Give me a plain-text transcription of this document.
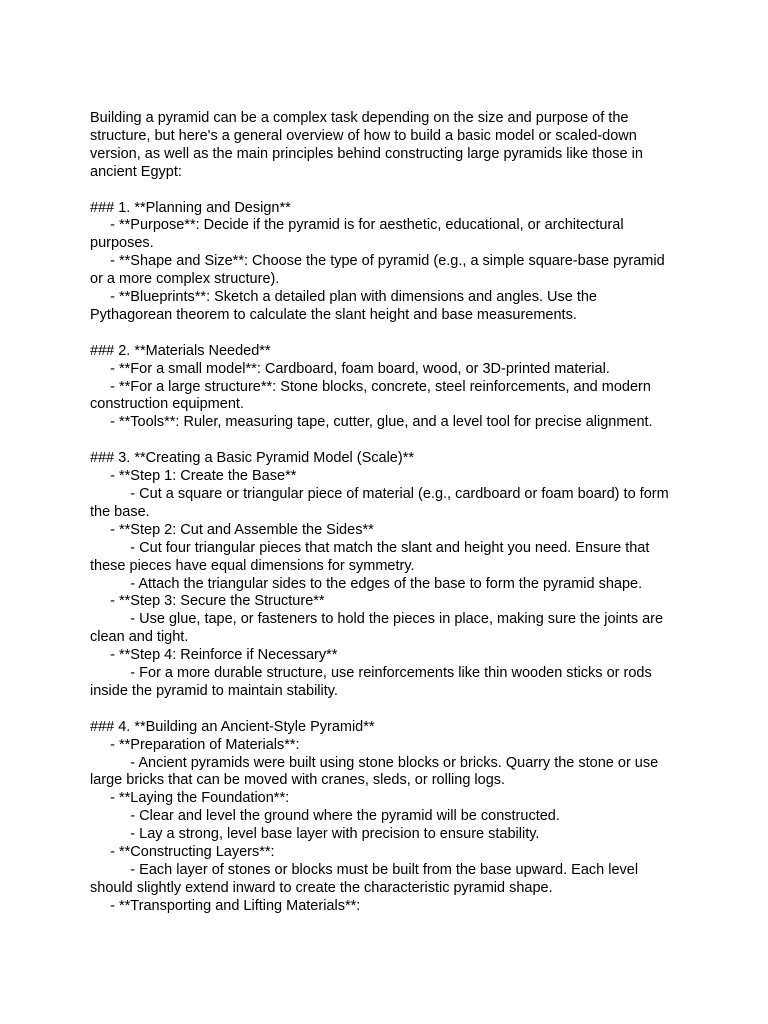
Building a pyramid can be a complex task depending on the size and purpose of the structure, but here's a general overview of how to build a basic model or scaled-down version, as well as the main principles behind constructing large pyramids like those in ancient Egypt:

### 1. **Planning and Design**

- **Purpose**: Decide if the pyramid is for aesthetic, educational, or architectural purposes.

- **Shape and Size**: Choose the type of pyramid (e.g., a simple square-base pyramid or a more complex structure).

- **Blueprints**: Sketch a detailed plan with dimensions and angles. Use the Pythagorean theorem to calculate the slant height and base measurements.

### 2. **Materials Needed**

- **For a small model**: Cardboard, foam board, wood, or 3D-printed material.

- **For a large structure**: Stone blocks, concrete, steel reinforcements, and modern construction equipment.

- **Tools**: Ruler, measuring tape, cutter, glue, and a level tool for precise alignment.

### 3. **Creating a Basic Pyramid Model (Scale)**

- **Step 1: Create the Base**

- Cut a square or triangular piece of material (e.g., cardboard or foam board) to form the base.

- **Step 2: Cut and Assemble the Sides**

- Cut four triangular pieces that match the slant and height you need. Ensure that these pieces have equal dimensions for symmetry.

- Attach the triangular sides to the edges of the base to form the pyramid shape.

- **Step 3: Secure the Structure**

- Use glue, tape, or fasteners to hold the pieces in place, making sure the joints are clean and tight.

- **Step 4: Reinforce if Necessary**

- For a more durable structure, use reinforcements like thin wooden sticks or rods inside the pyramid to maintain stability.

### 4. **Building an Ancient-Style Pyramid**

- **Preparation of Materials**:

- Ancient pyramids were built using stone blocks or bricks. Quarry the stone or use large bricks that can be moved with cranes, sleds, or rolling logs.

- **Laying the Foundation**:

- Clear and level the ground where the pyramid will be constructed.

- Lay a strong, level base layer with precision to ensure stability.

- **Constructing Layers**:

- Each layer of stones or blocks must be built from the base upward. Each level should slightly extend inward to create the characteristic pyramid shape.

- **Transporting and Lifting Materials**:
